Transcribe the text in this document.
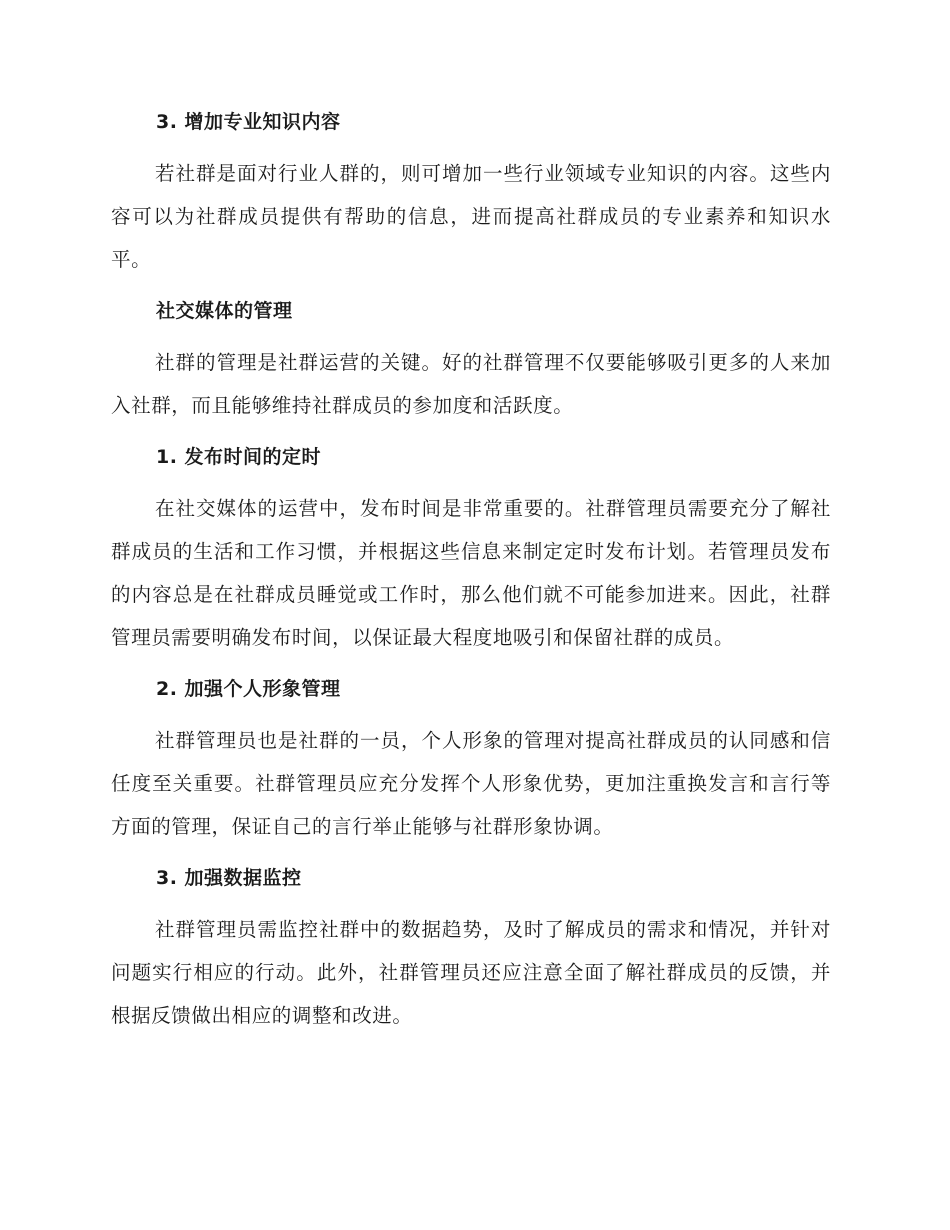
3. 增加专业知识内容

若社群是面对行业人群的，则可增加一些行业领域专业知识的内容。这些内容可以为社群成员提供有帮助的信息，进而提高社群成员的专业素养和知识水平。

社交媒体的管理

社群的管理是社群运营的关键。好的社群管理不仅要能够吸引更多的人来加入社群，而且能够维持社群成员的参加度和活跃度。

1. 发布时间的定时

在社交媒体的运营中，发布时间是非常重要的。社群管理员需要充分了解社群成员的生活和工作习惯，并根据这些信息来制定定时发布计划。若管理员发布的内容总是在社群成员睡觉或工作时，那么他们就不可能参加进来。因此，社群管理员需要明确发布时间，以保证最大程度地吸引和保留社群的成员。

2. 加强个人形象管理

社群管理员也是社群的一员，个人形象的管理对提高社群成员的认同感和信任度至关重要。社群管理员应充分发挥个人形象优势，更加注重换发言和言行等方面的管理，保证自己的言行举止能够与社群形象协调。

3. 加强数据监控

社群管理员需监控社群中的数据趋势，及时了解成员的需求和情况，并针对问题实行相应的行动。此外，社群管理员还应注意全面了解社群成员的反馈，并根据反馈做出相应的调整和改进。
